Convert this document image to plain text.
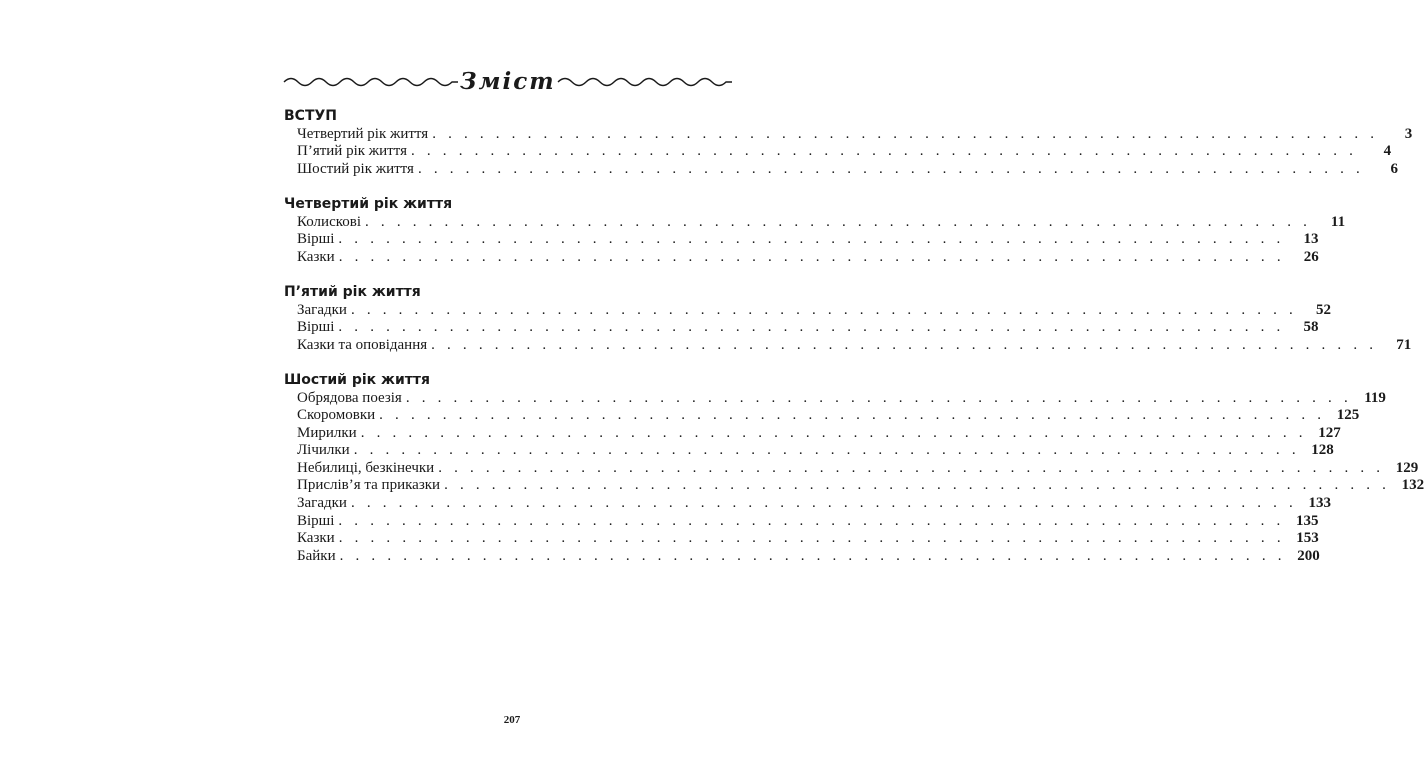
Зміст
ВСТУП
Четвертий рік життя . . . . . . . . . . . . . . . . . . . . . . . . . . . . . . . . . . . . . . . . . . . . . . . . . . . . . . . . . . . .	3
П’ятий рік життя . . . . . . . . . . . . . . . . . . . . . . . . . . . . . . . . . . . . . . . . . . . . . . . . . . . . . . . . . . . .	4
Шостий рік життя . . . . . . . . . . . . . . . . . . . . . . . . . . . . . . . . . . . . . . . . . . . . . . . . . . . . . . . . . . . .	6
Четвертий рік життя
Колискові . . . . . . . . . . . . . . . . . . . . . . . . . . . . . . . . . . . . . . . . . . . . . . . . . . . . . . . . . . . .	11
Вірші . . . . . . . . . . . . . . . . . . . . . . . . . . . . . . . . . . . . . . . . . . . . . . . . . . . . . . . . . . . .	13
Казки . . . . . . . . . . . . . . . . . . . . . . . . . . . . . . . . . . . . . . . . . . . . . . . . . . . . . . . . . . . .	26
П’ятий рік життя
Загадки . . . . . . . . . . . . . . . . . . . . . . . . . . . . . . . . . . . . . . . . . . . . . . . . . . . . . . . . . . . .	52
Вірші . . . . . . . . . . . . . . . . . . . . . . . . . . . . . . . . . . . . . . . . . . . . . . . . . . . . . . . . . . . .	58
Казки та оповідання . . . . . . . . . . . . . . . . . . . . . . . . . . . . . . . . . . . . . . . . . . . . . . . . . . . . . . . . . . . .	71
Шостий рік життя
Обрядова поезія . . . . . . . . . . . . . . . . . . . . . . . . . . . . . . . . . . . . . . . . . . . . . . . . . . . . . . . . . . . . 119
Скоромовки . . . . . . . . . . . . . . . . . . . . . . . . . . . . . . . . . . . . . . . . . . . . . . . . . . . . . . . . . . . . 125
Мирилки . . . . . . . . . . . . . . . . . . . . . . . . . . . . . . . . . . . . . . . . . . . . . . . . . . . . . . . . . . . . 127
Лічилки . . . . . . . . . . . . . . . . . . . . . . . . . . . . . . . . . . . . . . . . . . . . . . . . . . . . . . . . . . . . 128
Небилиці, безкінечки . . . . . . . . . . . . . . . . . . . . . . . . . . . . . . . . . . . . . . . . . . . . . . . . . . . . . . . . . . . . 129
Прислів’я та приказки . . . . . . . . . . . . . . . . . . . . . . . . . . . . . . . . . . . . . . . . . . . . . . . . . . . . . . . . . . . . 132
Загадки . . . . . . . . . . . . . . . . . . . . . . . . . . . . . . . . . . . . . . . . . . . . . . . . . . . . . . . . . . . . 133
Вірші . . . . . . . . . . . . . . . . . . . . . . . . . . . . . . . . . . . . . . . . . . . . . . . . . . . . . . . . . . . . 135
Казки . . . . . . . . . . . . . . . . . . . . . . . . . . . . . . . . . . . . . . . . . . . . . . . . . . . . . . . . . . . . 153
Байки . . . . . . . . . . . . . . . . . . . . . . . . . . . . . . . . . . . . . . . . . . . . . . . . . . . . . . . . . . . . 200
207
